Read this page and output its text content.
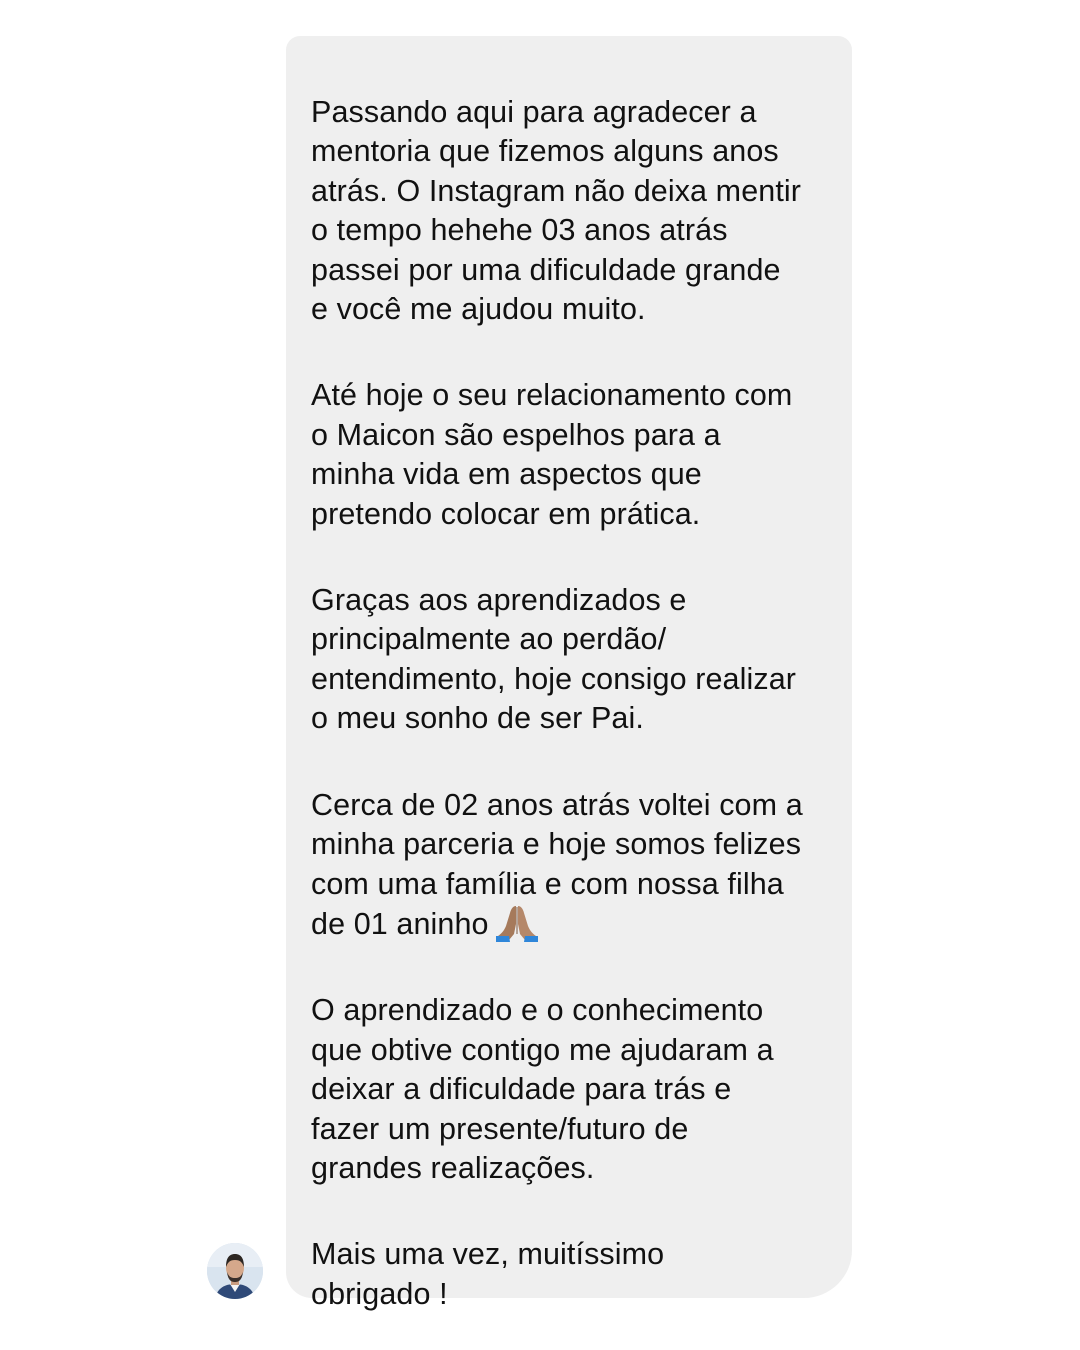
Passando aqui para agradecer a
mentoria que fizemos alguns anos
atrás. O Instagram não deixa mentir
o tempo hehehe 03 anos atrás
passei por uma dificuldade grande
e você me ajudou muito.

Até hoje o seu relacionamento com
o Maicon são espelhos para a
minha vida em aspectos que
pretendo colocar em prática.

Graças aos aprendizados e
principalmente ao perdão/
entendimento, hoje consigo realizar
o meu sonho de ser Pai.

Cerca de 02 anos atrás voltei com a
minha parceria e hoje somos felizes
com uma família e com nossa filha
de 01 aninho

O aprendizado e o conhecimento
que obtive contigo me ajudaram a
deixar a dificuldade para trás e
fazer um presente/futuro de
grandes realizações.

Mais uma vez, muitíssimo
obrigado !
